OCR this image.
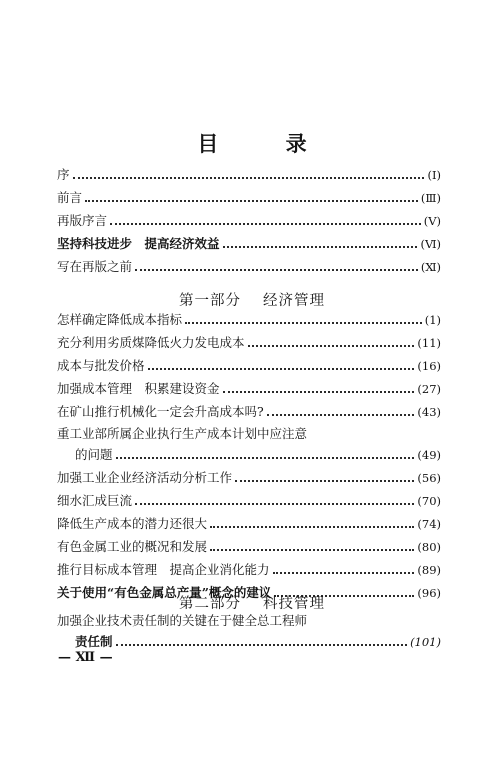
目 录
序	(Ⅰ)
前言	(Ⅲ)
再版序言	(Ⅴ)
坚持科技进步　提高经济效益	(Ⅵ)
写在再版之前	(Ⅺ)
第一部分 经济管理
怎样确定降低成本指标	(1)
充分利用劣质煤降低火力发电成本	(11)
成本与批发价格	(16)
加强成本管理　积累建设资金	(27)
在矿山推行机械化一定会升高成本吗?	(43)
重工业部所属企业执行生产成本计划中应注意
的问题	(49)
加强工业企业经济活动分析工作	(56)
细水汇成巨流	(70)
降低生产成本的潜力还很大	(74)
有色金属工业的概况和发展	(80)
推行目标成本管理　提高企业消化能力	(89)
关于使用“有色金属总产量”概念的建议	(96)
第二部分 科技管理
加强企业技术责任制的关键在于健全总工程师
责任制	(101)
— Ⅻ —
